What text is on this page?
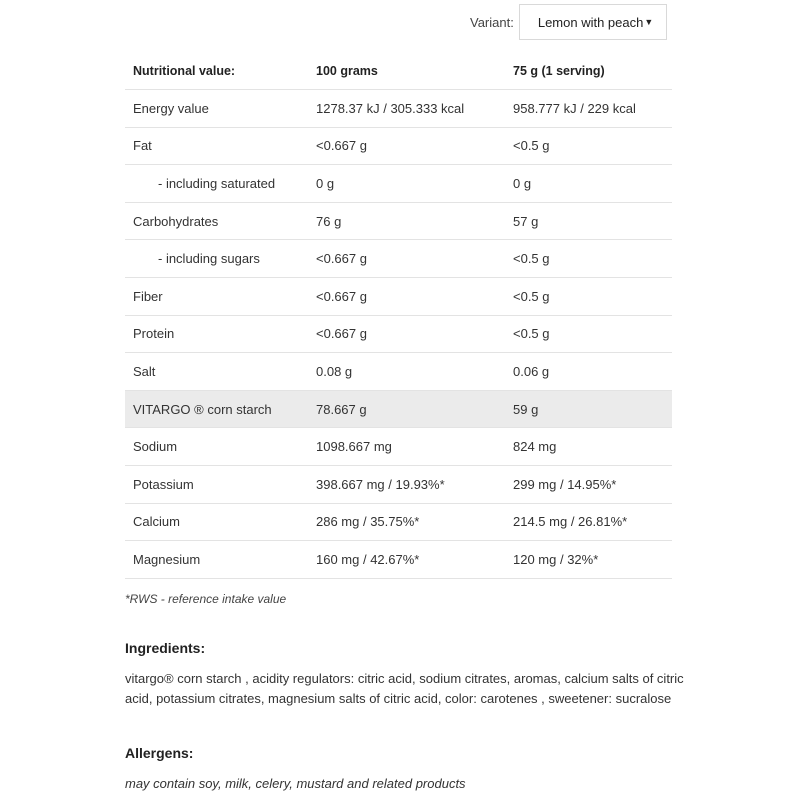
Variant: Lemon with peach ▼
Nutritional value:	100 grams	75 g (1 serving)
Energy value	1278.37 kJ / 305.333 kcal	958.777 kJ / 229 kcal
Fat	<0.667 g	<0.5 g
- including saturated	0 g	0 g
Carbohydrates	76 g	57 g
- including sugars	<0.667 g	<0.5 g
Fiber	<0.667 g	<0.5 g
Protein	<0.667 g	<0.5 g
Salt	0.08 g	0.06 g
VITARGO ® corn starch	78.667 g	59 g
Sodium	1098.667 mg	824 mg
Potassium	398.667 mg / 19.93%*	299 mg / 14.95%*
Calcium	286 mg / 35.75%*	214.5 mg / 26.81%*
Magnesium	160 mg / 42.67%*	120 mg / 32%*
*RWS - reference intake value
Ingredients:
vitargo® corn starch , acidity regulators: citric acid, sodium citrates, aromas, calcium salts of citric acid, potassium citrates, magnesium salts of citric acid, color: carotenes , sweetener: sucralose
Allergens:
may contain soy, milk, celery, mustard and related products
